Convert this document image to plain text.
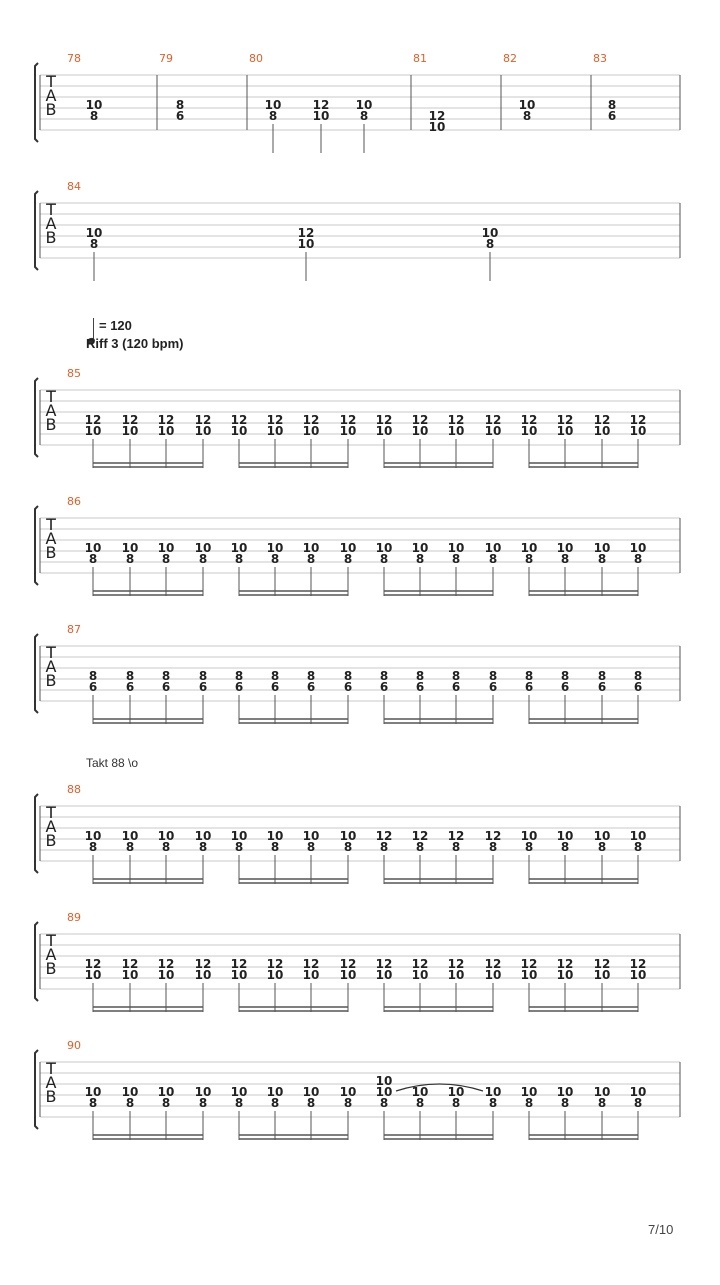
T
A
B
78
10
8
79
8
6
80
10
8
12
10
10
8
81
12
10
82
10
8
83
8
6
T
A
B
84
10
8
12
10
10
8
T
A
B
85
12
10
12
10
12
10
12
10
12
10
12
10
12
10
12
10
12
10
12
10
12
10
12
10
12
10
12
10
12
10
12
10
T
A
B
86
10
8
10
8
10
8
10
8
10
8
10
8
10
8
10
8
10
8
10
8
10
8
10
8
10
8
10
8
10
8
10
8
T
A
B
87
8
6
8
6
8
6
8
6
8
6
8
6
8
6
8
6
8
6
8
6
8
6
8
6
8
6
8
6
8
6
8
6
T
A
B
88
10
8
10
8
10
8
10
8
10
8
10
8
10
8
10
8
12
8
12
8
12
8
12
8
10
8
10
8
10
8
10
8
T
A
B
89
12
10
12
10
12
10
12
10
12
10
12
10
12
10
12
10
12
10
12
10
12
10
12
10
12
10
12
10
12
10
12
10
T
A
B
90
10
8
10
8
10
8
10
8
10
8
10
8
10
8
10
8
10
10
8
10
8
10
8
10
8
10
8
10
8
10
8
10
8
= 120
Riff 3 (120 bpm)
Takt 88 \o
7/10
